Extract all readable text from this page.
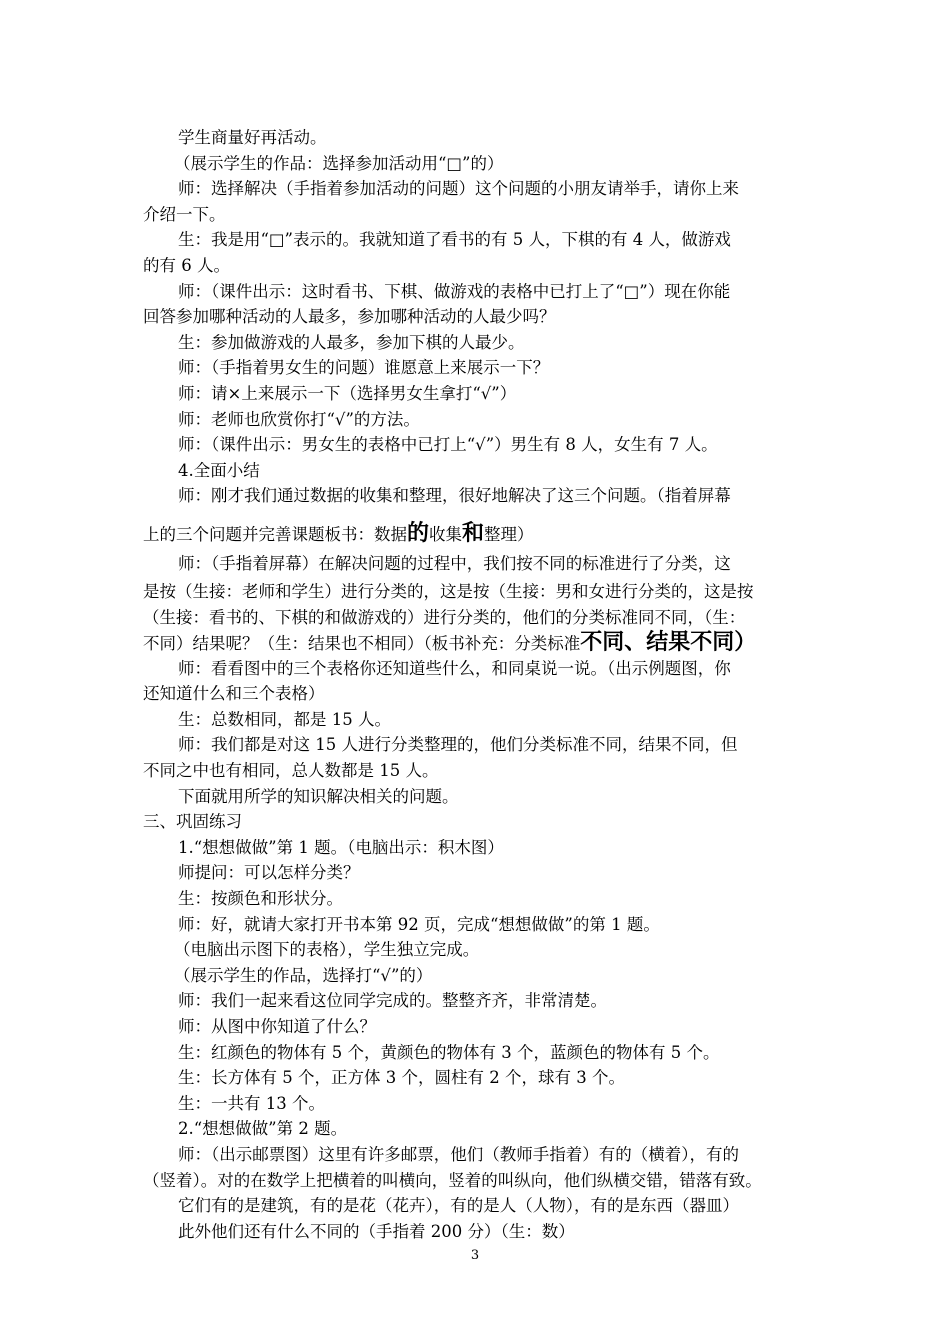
学生商量好再活动。
（展示学生的作品：选择参加活动用“□”的）
师：选择解决（手指着参加活动的问题）这个问题的小朋友请举手，请你上来
介绍一下。
生：我是用“□”表示的。我就知道了看书的有 5 人，下棋的有 4 人，做游戏
的有 6 人。
师：（课件出示：这时看书、下棋、做游戏的表格中已打上了“□”）现在你能
回答参加哪种活动的人最多，参加哪种活动的人最少吗？
生：参加做游戏的人最多，参加下棋的人最少。
师：（手指着男女生的问题）谁愿意上来展示一下？
师：请×上来展示一下（选择男女生拿打“√”）
师：老师也欣赏你打“√”的方法。
师：（课件出示：男女生的表格中已打上“√”）男生有 8 人，女生有 7 人。
4.全面小结
师：刚才我们通过数据的收集和整理，很好地解决了这三个问题。（指着屏幕
上的三个问题并完善课题板书：数据的收集和整理）
师：（手指着屏幕）在解决问题的过程中，我们按不同的标准进行了分类，这
是按（生接：老师和学生）进行分类的，这是按（生接：男和女进行分类的，这是按
（生接：看书的、下棋的和做游戏的）进行分类的，他们的分类标准同不同，（生：
不同）结果呢？（生：结果也不相同）（板书补充：分类标准不同、结果不同）
师：看看图中的三个表格你还知道些什么，和同桌说一说。（出示例题图，你
还知道什么和三个表格）
生：总数相同，都是 15 人。
师：我们都是对这 15 人进行分类整理的，他们分类标准不同，结果不同，但
不同之中也有相同，总人数都是 15 人。
下面就用所学的知识解决相关的问题。
三、巩固练习
1.“想想做做”第 1 题。（电脑出示：积木图）
师提问：可以怎样分类？
生：按颜色和形状分。
师：好，就请大家打开书本第 92 页，完成“想想做做”的第 1 题。
（电脑出示图下的表格），学生独立完成。
（展示学生的作品，选择打“√”的）
师：我们一起来看这位同学完成的。整整齐齐，非常清楚。
师：从图中你知道了什么？
生：红颜色的物体有 5 个，黄颜色的物体有 3 个，蓝颜色的物体有 5 个。
生：长方体有 5 个，正方体 3 个，圆柱有 2 个，球有 3 个。
生：一共有 13 个。
2.“想想做做”第 2 题。
师：（出示邮票图）这里有许多邮票，他们（教师手指着）有的（横着），有的
（竖着）。对的在数学上把横着的叫横向，竖着的叫纵向，他们纵横交错，错落有致。
它们有的是建筑，有的是花（花卉），有的是人（人物），有的是东西（器皿）
此外他们还有什么不同的（手指着 200 分）（生：数）
3
